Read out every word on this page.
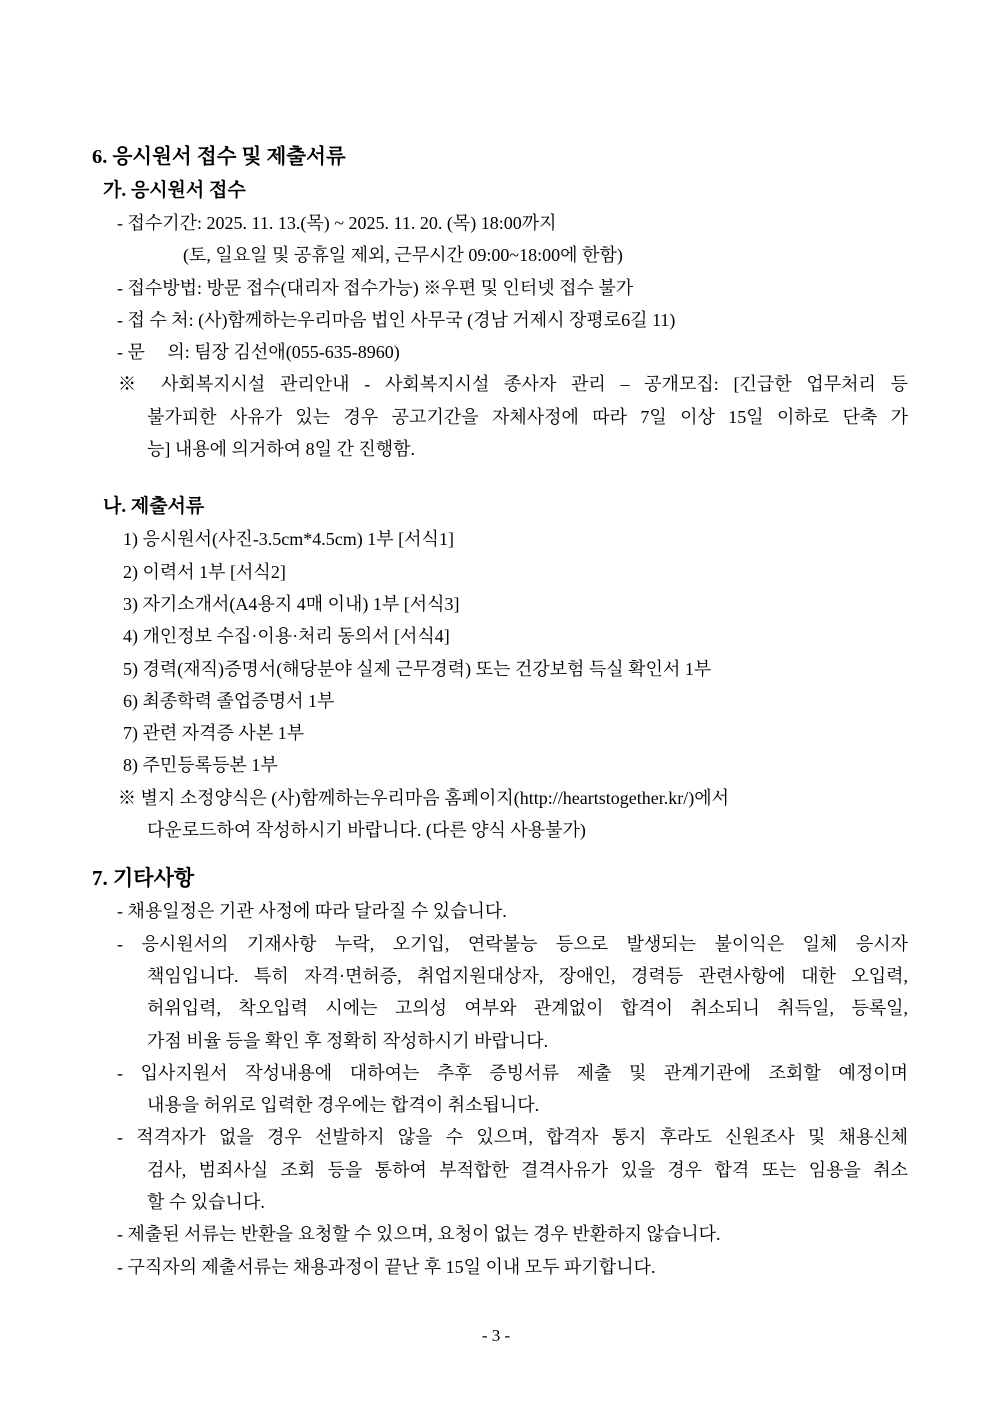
6. 응시원서 접수 및 제출서류
가. 응시원서 접수
- 접수기간: 2025. 11. 13.(목) ~ 2025. 11. 20. (목) 18:00까지
(토, 일요일 및 공휴일 제외, 근무시간 09:00~18:00에 한함)
- 접수방법: 방문 접수(대리자 접수가능) ※우편 및 인터넷 접수 불가
- 접 수 처: (사)함께하는우리마음 법인 사무국 (경남 거제시 장평로6길 11)
- 문     의: 팀장 김선애(055-635-8960)
※ 사회복지시설 관리안내 - 사회복지시설 종사자 관리 – 공개모집: [긴급한 업무처리 등
불가피한 사유가 있는 경우 공고기간을 자체사정에 따라 7일 이상 15일 이하로 단축 가
능] 내용에 의거하여 8일 간 진행함.
나. 제출서류
1) 응시원서(사진-3.5cm*4.5cm) 1부 [서식1]
2) 이력서 1부 [서식2]
3) 자기소개서(A4용지 4매 이내) 1부 [서식3]
4) 개인정보 수집·이용·처리 동의서 [서식4]
5) 경력(재직)증명서(해당분야 실제 근무경력) 또는 건강보험 득실 확인서 1부
6) 최종학력 졸업증명서 1부
7) 관련 자격증 사본 1부
8) 주민등록등본 1부
※ 별지 소정양식은 (사)함께하는우리마음 홈페이지(http://heartstogether.kr/)에서
다운로드하여 작성하시기 바랍니다. (다른 양식 사용불가)
7. 기타사항
- 채용일정은 기관 사정에 따라 달라질 수 있습니다.
- 응시원서의 기재사항 누락, 오기입, 연락불능 등으로 발생되는 불이익은 일체 응시자
책임입니다. 특히 자격·면허증, 취업지원대상자, 장애인, 경력등 관련사항에 대한 오입력,
허위입력, 착오입력 시에는 고의성 여부와 관계없이 합격이 취소되니 취득일, 등록일,
가점 비율 등을 확인 후 정확히 작성하시기 바랍니다.
- 입사지원서 작성내용에 대하여는 추후 증빙서류 제출 및 관계기관에 조회할 예정이며
내용을 허위로 입력한 경우에는 합격이 취소됩니다.
- 적격자가 없을 경우 선발하지 않을 수 있으며, 합격자 통지 후라도 신원조사 및 채용신체
검사, 범죄사실 조회 등을 통하여 부적합한 결격사유가 있을 경우 합격 또는 임용을 취소
할 수 있습니다.
- 제출된 서류는 반환을 요청할 수 있으며, 요청이 없는 경우 반환하지 않습니다.
- 구직자의 제출서류는 채용과정이 끝난 후 15일 이내 모두 파기합니다.
- 3 -
